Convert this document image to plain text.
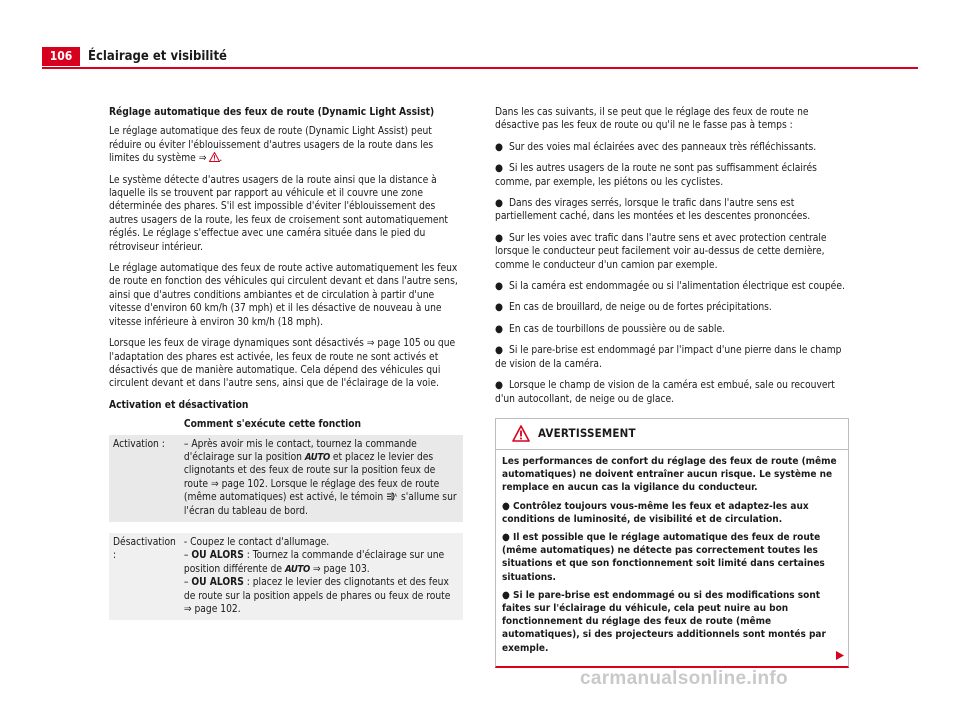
106	Éclairage et visibilité

Réglage automatique des feux de route (Dynamic Light Assist)

Le réglage automatique des feux de route (Dynamic Light Assist) peut réduire ou éviter l'éblouissement d'autres usagers de la route dans les limites du système ⇒ .

Le système détecte d'autres usagers de la route ainsi que la distance à laquelle ils se trouvent par rapport au véhicule et il couvre une zone déterminée des phares. S'il est impossible d'éviter l'éblouissement des autres usagers de la route, les feux de croisement sont automatiquement réglés. Le réglage s'effectue avec une caméra située dans le pied du rétroviseur intérieur.

Le réglage automatique des feux de route active automatiquement les feux de route en fonction des véhicules qui circulent devant et dans l'autre sens, ainsi que d'autres conditions ambiantes et de circulation à partir d'une vitesse d'environ 60 km/h (37 mph) et il les désactive de nouveau à une vitesse inférieure à environ 30 km/h (18 mph).

Lorsque les feux de virage dynamiques sont désactivés ⇒ page 105 ou que l'adaptation des phares est activée, les feux de route ne sont activés et désactivés que de manière automatique. Cela dépend des véhicules qui circulent devant et dans l'autre sens, ainsi que de l'éclairage de la voie.

Activation et désactivation

	Comment s'exécute cette fonction
Activation :	– Après avoir mis le contact, tournez la commande d'éclairage sur la position AUTO et placez le levier des clignotants et des feux de route sur la position feux de route ⇒ page 102. Lorsque le réglage des feux de route (même automatiques) est activé, le témoin A s'allume sur l'écran du tableau de bord.

Désactivation :	- Coupez le contact d'allumage.
– OU ALORS : Tournez la commande d'éclairage sur une position différente de AUTO ⇒ page 103.
– OU ALORS : placez le levier des clignotants et des feux de route sur la position appels de phares ou feux de route ⇒ page 102.

Dans les cas suivants, il se peut que le réglage des feux de route ne désactive pas les feux de route ou qu'il ne le fasse pas à temps :

● Sur des voies mal éclairées avec des panneaux très réfléchissants.

● Si les autres usagers de la route ne sont pas suffisamment éclairés comme, par exemple, les piétons ou les cyclistes.

● Dans des virages serrés, lorsque le trafic dans l'autre sens est partiellement caché, dans les montées et les descentes prononcées.

● Sur les voies avec trafic dans l'autre sens et avec protection centrale lorsque le conducteur peut facilement voir au-dessus de cette dernière, comme le conducteur d'un camion par exemple.

● Si la caméra est endommagée ou si l'alimentation électrique est coupée.

● En cas de brouillard, de neige ou de fortes précipitations.

● En cas de tourbillons de poussière ou de sable.

● Si le pare-brise est endommagé par l'impact d'une pierre dans le champ de vision de la caméra.

● Lorsque le champ de vision de la caméra est embué, sale ou recouvert d'un autocollant, de neige ou de glace.

AVERTISSEMENT

Les performances de confort du réglage des feux de route (même automatiques) ne doivent entraîner aucun risque. Le système ne remplace en aucun cas la vigilance du conducteur.

● Contrôlez toujours vous-même les feux et adaptez-les aux conditions de luminosité, de visibilité et de circulation.

● Il est possible que le réglage automatique des feux de route (même automatiques) ne détecte pas correctement toutes les situations et que son fonctionnement soit limité dans certaines situations.

● Si le pare-brise est endommagé ou si des modifications sont faites sur l'éclairage du véhicule, cela peut nuire au bon fonctionnement du réglage des feux de route (même automatiques), si des projecteurs additionnels sont montés par exemple.

carmanualsonline.info
